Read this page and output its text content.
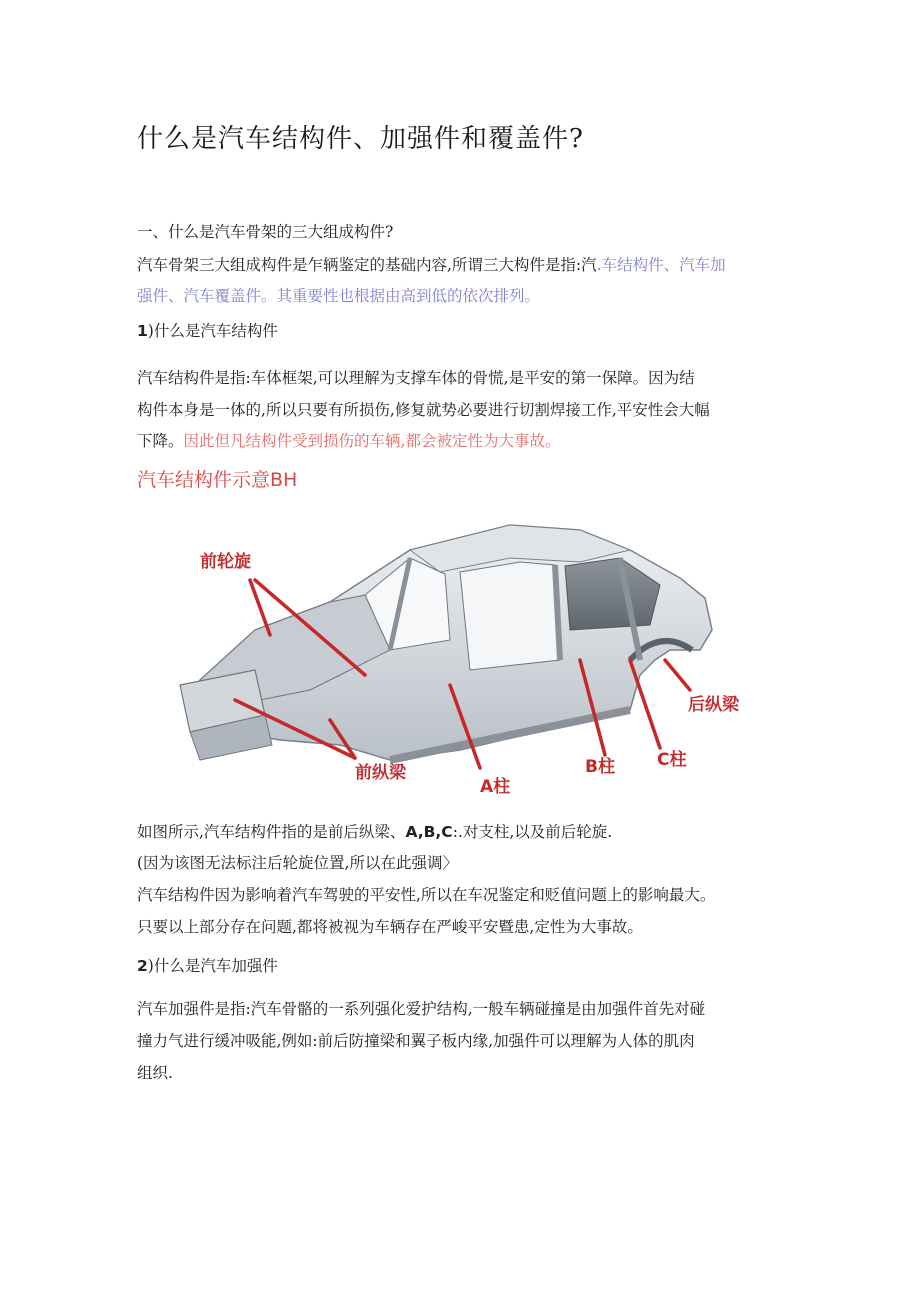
什么是汽车结构件、加强件和覆盖件?
一、什么是汽车骨架的三大组成构件?
汽车骨架三大组成构件是乍辆鉴定的基础内容,所谓三大构件是指:汽.车结构件、汽车加
强件、汽车覆盖件。其重要性也根据由高到低的依次排列。
1)什么是汽车结构件
汽车结构件是指:车体框架,可以理解为支撑车体的骨慌,是平安的第一保障。因为结
构件本身是一体的,所以只要有所损伤,修复就势必要进行切割焊接工作,平安性会大幅
下降。因此但凡结构件受到损伤的车辆,都会被定性为大事故。
汽车结构件示意BH
前轮旋
前纵梁
A柱
B柱 C柱
后纵梁
如图所示,汽车结构件指的是前后纵梁、A,B,C:.对支柱,以及前后轮旋.
(因为该图无法标注后轮旋位置,所以在此强调〉
汽车结构件因为影响着汽车驾驶的平安性,所以在车况鉴定和贬值问题上的影响最大。
只要以上部分存在问题,都将被视为车辆存在严峻平安暨患,定性为大事故。
2)什么是汽车加强件
汽车加强件是指:汽车骨骼的一系列强化爱护结构,一般车辆碰撞是由加强件首先对碰
撞力气进行缓冲吸能,例如:前后防撞梁和翼子板内缘,加强件可以理解为人体的肌肉
组织.
